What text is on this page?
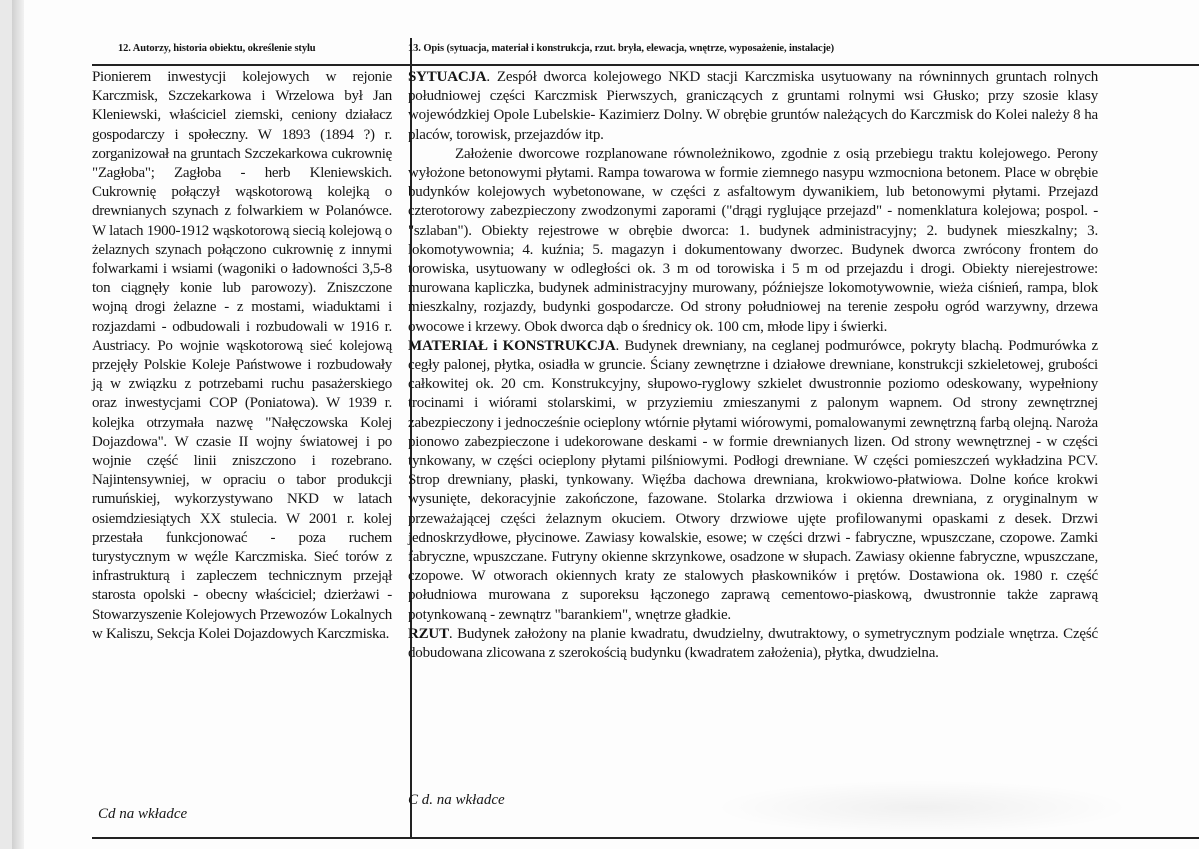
12. Autorzy, historia obiektu, określenie stylu	13. Opis (sytuacja, materiał i konstrukcja, rzut. bryła, elewacja, wnętrze, wyposażenie, instalacje)

Pionierem inwestycji kolejowych w rejonie Karczmisk, Szczekarkowa i Wrzelowa był Jan Kleniewski, właściciel ziemski, ceniony działacz gospodarczy i społeczny. W 1893 (1894 ?) r. zorganizował na gruntach Szczekarkowa cukrownię "Zagłoba"; Zagłoba - herb Kleniewskich. Cukrownię połączył wąskotorową kolejką o drewnianych szynach z folwarkiem w Polanówce. W latach 1900-1912 wąskotorową siecią kolejową o żelaznych szynach połączono cukrownię z innymi folwarkami i wsiami (wagoniki o ładowności 3,5-8 ton ciągnęły konie lub parowozy). Zniszczone wojną drogi żelazne - z mostami, wiaduktami i rozjazdami - odbudowali i rozbudowali w 1916 r. Austriacy. Po wojnie wąskotorową sieć kolejową przejęły Polskie Koleje Państwowe i rozbudowały ją w związku z potrzebami ruchu pasażerskiego oraz inwestycjami COP (Poniatowa). W 1939 r. kolejka otrzymała nazwę "Nałęczowska Kolej Dojazdowa". W czasie II wojny światowej i po wojnie część linii zniszczono i rozebrano. Najintensywniej, w opraciu o tabor produkcji rumuńskiej, wykorzystywano NKD w latach osiemdziesiątych XX stulecia. W 2001 r. kolej przestała funkcjonować - poza ruchem turystycznym w węźle Karczmiska. Sieć torów z infrastrukturą i zapleczem technicznym przejął starosta opolski - obecny właściciel; dzierżawi - Stowarzyszenie Kolejowych Przewozów Lokalnych w Kaliszu, Sekcja Kolei Dojazdowych Karczmiska.

Cd na wkładce

SYTUACJA. Zespół dworca kolejowego NKD stacji Karczmiska usytuowany na równinnych gruntach rolnych południowej części Karczmisk Pierwszych, graniczących z gruntami rolnymi wsi Głusko; przy szosie klasy wojewódzkiej Opole Lubelskie- Kazimierz Dolny. W obrębie gruntów należących do Karczmisk do Kolei należy 8 ha placów, torowisk, przejazdów itp.

Założenie dworcowe rozplanowane równoleżnikowo, zgodnie z osią przebiegu traktu kolejowego. Perony wyłożone betonowymi płytami. Rampa towarowa w formie ziemnego nasypu wzmocniona betonem. Place w obrębie budynków kolejowych wybetonowane, w części z asfaltowym dywanikiem, lub betonowymi płytami. Przejazd czterotorowy zabezpieczony zwodzonymi zaporami ("drągi ryglujące przejazd" - nomenklatura kolejowa; pospol. - "szlaban"). Obiekty rejestrowe w obrębie dworca: 1. budynek administracyjny; 2. budynek mieszkalny; 3. lokomotywownia; 4. kuźnia; 5. magazyn i dokumentowany dworzec. Budynek dworca zwrócony frontem do torowiska, usytuowany w odległości ok. 3 m od torowiska i 5 m od przejazdu i drogi. Obiekty nierejestrowe: murowana kapliczka, budynek administracyjny murowany, późniejsze lokomotywownie, wieża ciśnień, rampa, blok mieszkalny, rozjazdy, budynki gospodarcze. Od strony południowej na terenie zespołu ogród warzywny, drzewa owocowe i krzewy. Obok dworca dąb o średnicy ok. 100 cm, młode lipy i świerki.

MATERIAŁ i KONSTRUKCJA. Budynek drewniany, na ceglanej podmurówce, pokryty blachą. Podmurówka z cegły palonej, płytka, osiadła w gruncie. Ściany zewnętrzne i działowe drewniane, konstrukcji szkieletowej, grubości całkowitej ok. 20 cm. Konstrukcyjny, słupowo-ryglowy szkielet dwustronnie poziomo odeskowany, wypełniony trocinami i wiórami stolarskimi, w przyziemiu zmieszanymi z palonym wapnem. Od strony zewnętrznej zabezpieczony i jednocześnie ocieplony wtórnie płytami wiórowymi, pomalowanymi zewnętrzną farbą olejną. Naroża pionowo zabezpieczone i udekorowane deskami - w formie drewnianych lizen. Od strony wewnętrznej - w części tynkowany, w części ocieplony płytami pilśniowymi. Podłogi drewniane. W części pomieszczeń wykładzina PCV. Strop drewniany, płaski, tynkowany. Więźba dachowa drewniana, krokwiowo-płatwiowa. Dolne końce krokwi wysunięte, dekoracyjnie zakończone, fazowane. Stolarka drzwiowa i okienna drewniana, z oryginalnym w przeważającej części żelaznym okuciem. Otwory drzwiowe ujęte profilowanymi opaskami z desek. Drzwi jednoskrzydłowe, płycinowe. Zawiasy kowalskie, esowe; w części drzwi - fabryczne, wpuszczane, czopowe. Zamki fabryczne, wpuszczane. Futryny okienne skrzynkowe, osadzone w słupach. Zawiasy okienne fabryczne, wpuszczane, czopowe. W otworach okiennych kraty ze stalowych płaskowników i prętów. Dostawiona ok. 1980 r. część południowa murowana z suporeksu łączonego zaprawą cementowo-piaskową, dwustronnie także zaprawą potynkowaną - zewnątrz "barankiem", wnętrze gładkie.

RZUT. Budynek założony na planie kwadratu, dwudzielny, dwutraktowy, o symetrycznym podziale wnętrza. Część dobudowana zlicowana z szerokością budynku (kwadratem założenia), płytka, dwudzielna.

C d. na wkładce
